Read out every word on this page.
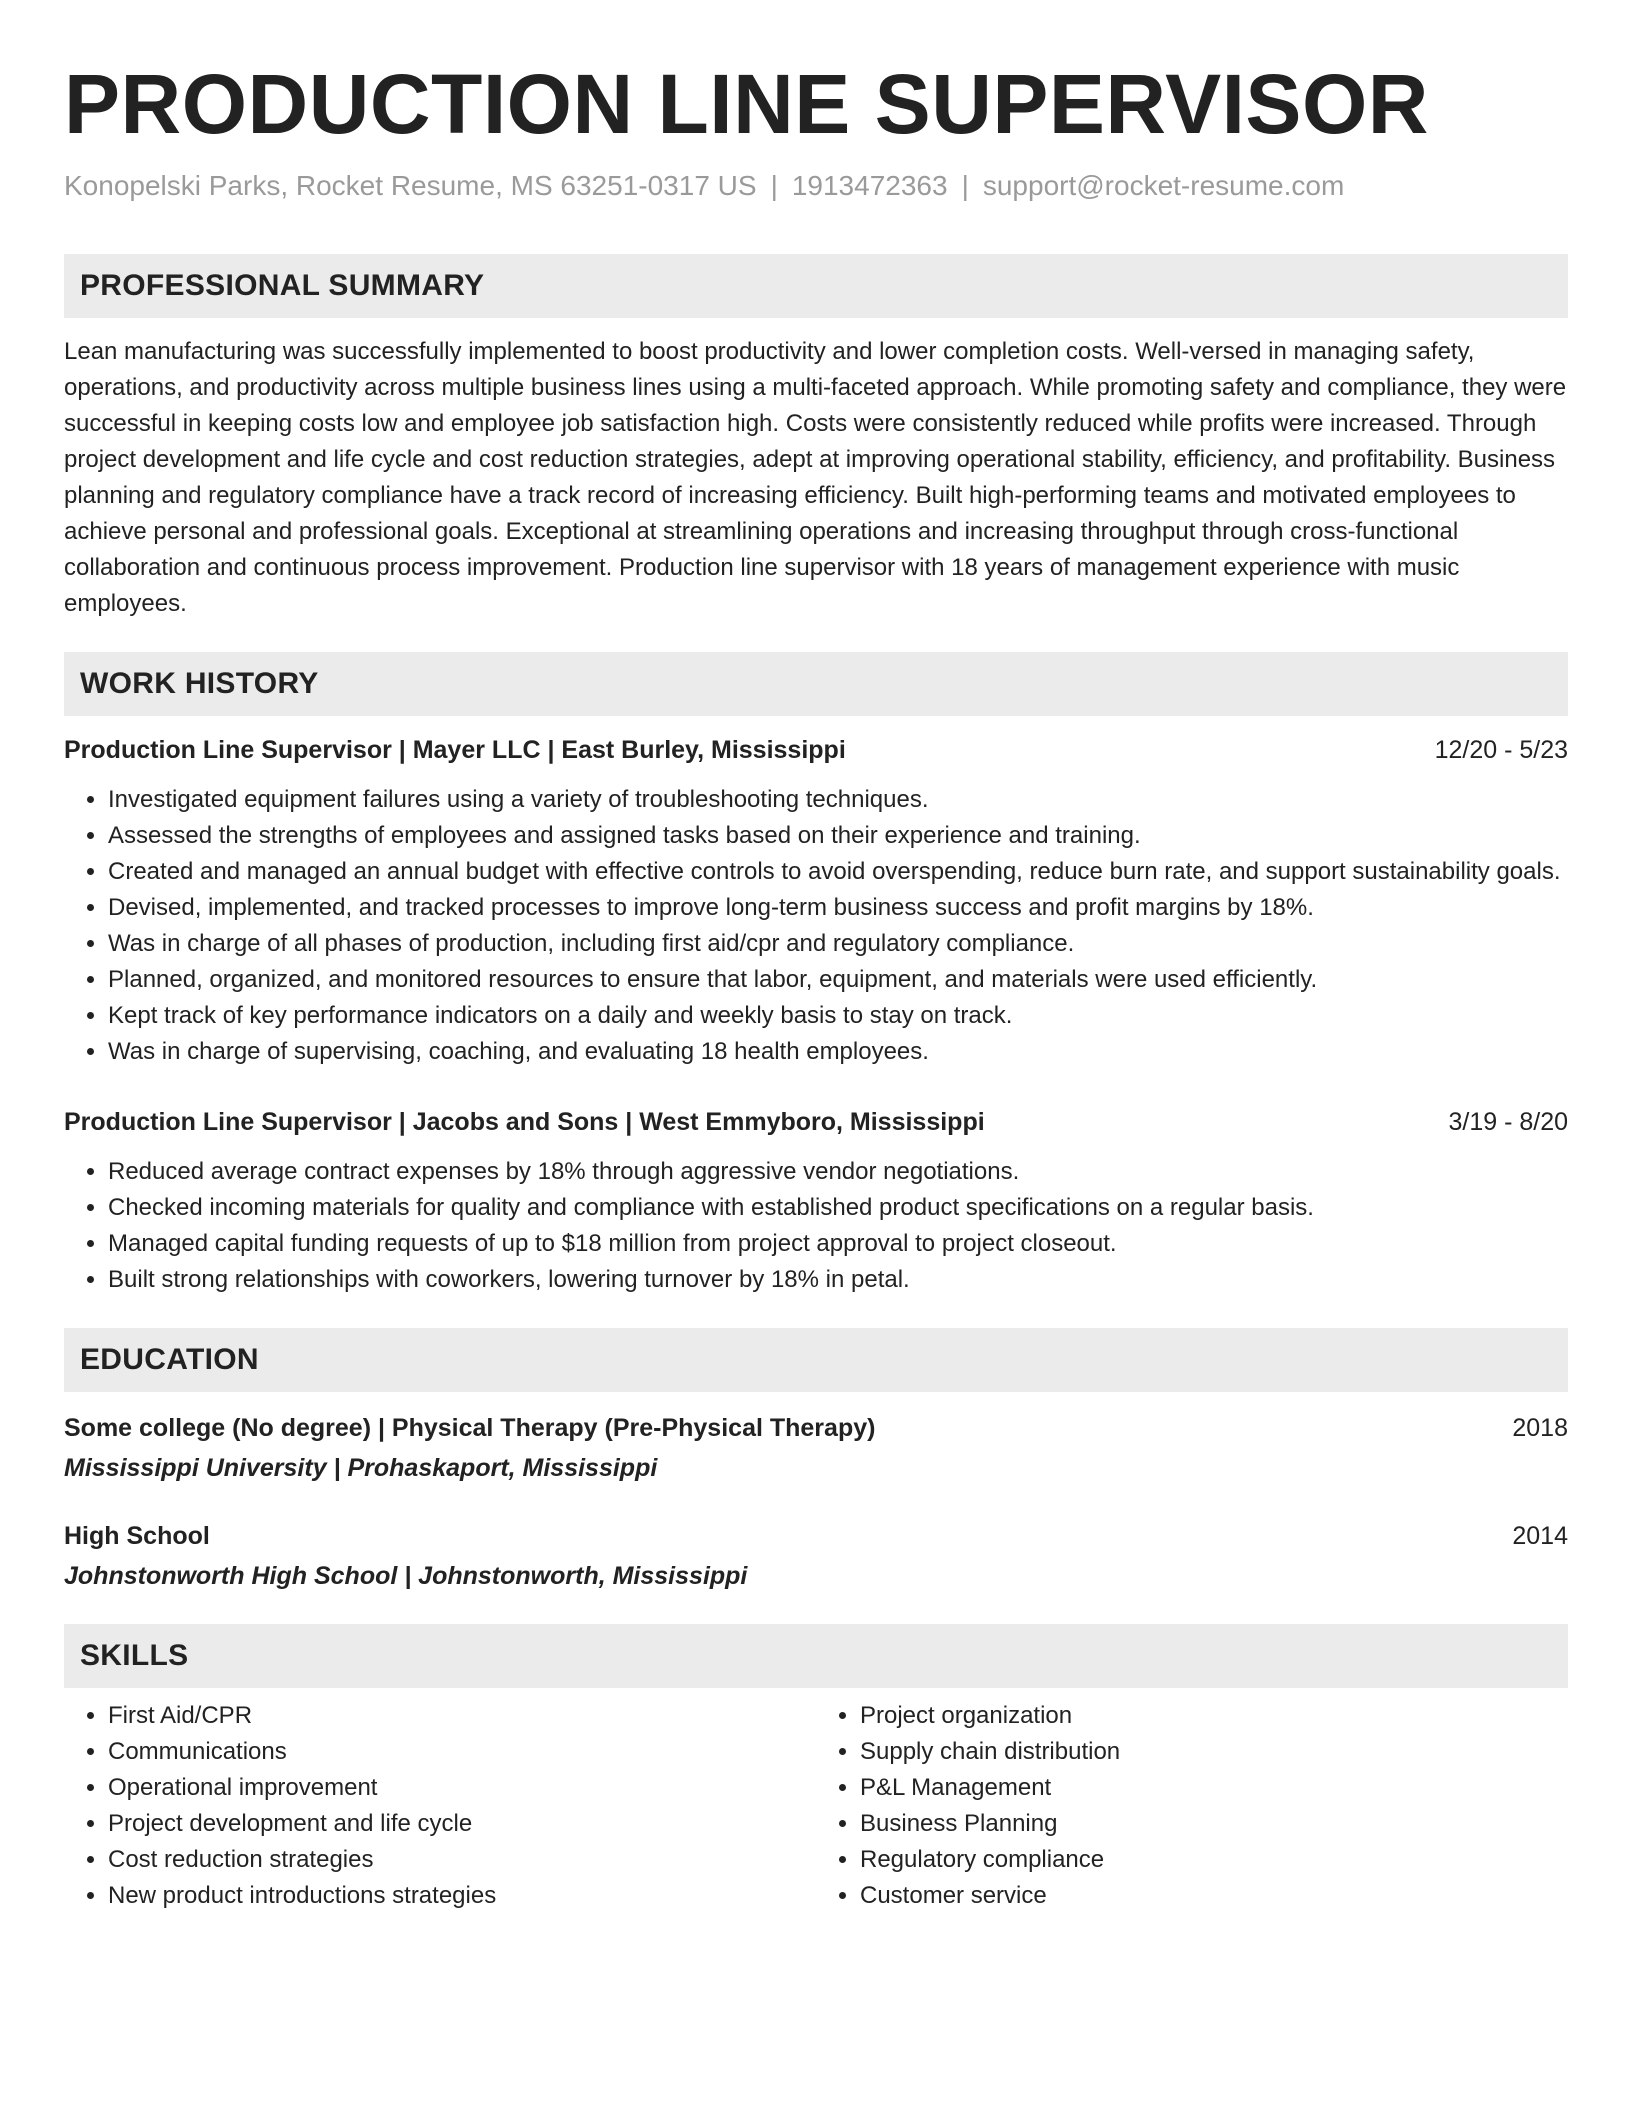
PRODUCTION LINE SUPERVISOR
Konopelski Parks, Rocket Resume, MS 63251-0317 US | 1913472363 | support@rocket-resume.com
PROFESSIONAL SUMMARY
Lean manufacturing was successfully implemented to boost productivity and lower completion costs. Well-versed in managing safety, operations, and productivity across multiple business lines using a multi-faceted approach. While promoting safety and compliance, they were successful in keeping costs low and employee job satisfaction high. Costs were consistently reduced while profits were increased. Through project development and life cycle and cost reduction strategies, adept at improving operational stability, efficiency, and profitability. Business planning and regulatory compliance have a track record of increasing efficiency. Built high-performing teams and motivated employees to achieve personal and professional goals. Exceptional at streamlining operations and increasing throughput through cross-functional collaboration and continuous process improvement. Production line supervisor with 18 years of management experience with music employees.
WORK HISTORY
Production Line Supervisor | Mayer LLC | East Burley, Mississippi	12/20 - 5/23
• Investigated equipment failures using a variety of troubleshooting techniques.
• Assessed the strengths of employees and assigned tasks based on their experience and training.
• Created and managed an annual budget with effective controls to avoid overspending, reduce burn rate, and support sustainability goals.
• Devised, implemented, and tracked processes to improve long-term business success and profit margins by 18%.
• Was in charge of all phases of production, including first aid/cpr and regulatory compliance.
• Planned, organized, and monitored resources to ensure that labor, equipment, and materials were used efficiently.
• Kept track of key performance indicators on a daily and weekly basis to stay on track.
• Was in charge of supervising, coaching, and evaluating 18 health employees.
Production Line Supervisor | Jacobs and Sons | West Emmyboro, Mississippi	3/19 - 8/20
• Reduced average contract expenses by 18% through aggressive vendor negotiations.
• Checked incoming materials for quality and compliance with established product specifications on a regular basis.
• Managed capital funding requests of up to $18 million from project approval to project closeout.
• Built strong relationships with coworkers, lowering turnover by 18% in petal.
EDUCATION
Some college (No degree) | Physical Therapy (Pre-Physical Therapy)	2018
Mississippi University | Prohaskaport, Mississippi
High School	2014
Johnstonworth High School | Johnstonworth, Mississippi
SKILLS
• First Aid/CPR
• Communications
• Operational improvement
• Project development and life cycle
• Cost reduction strategies
• New product introductions strategies
• Project organization
• Supply chain distribution
• P&L Management
• Business Planning
• Regulatory compliance
• Customer service
